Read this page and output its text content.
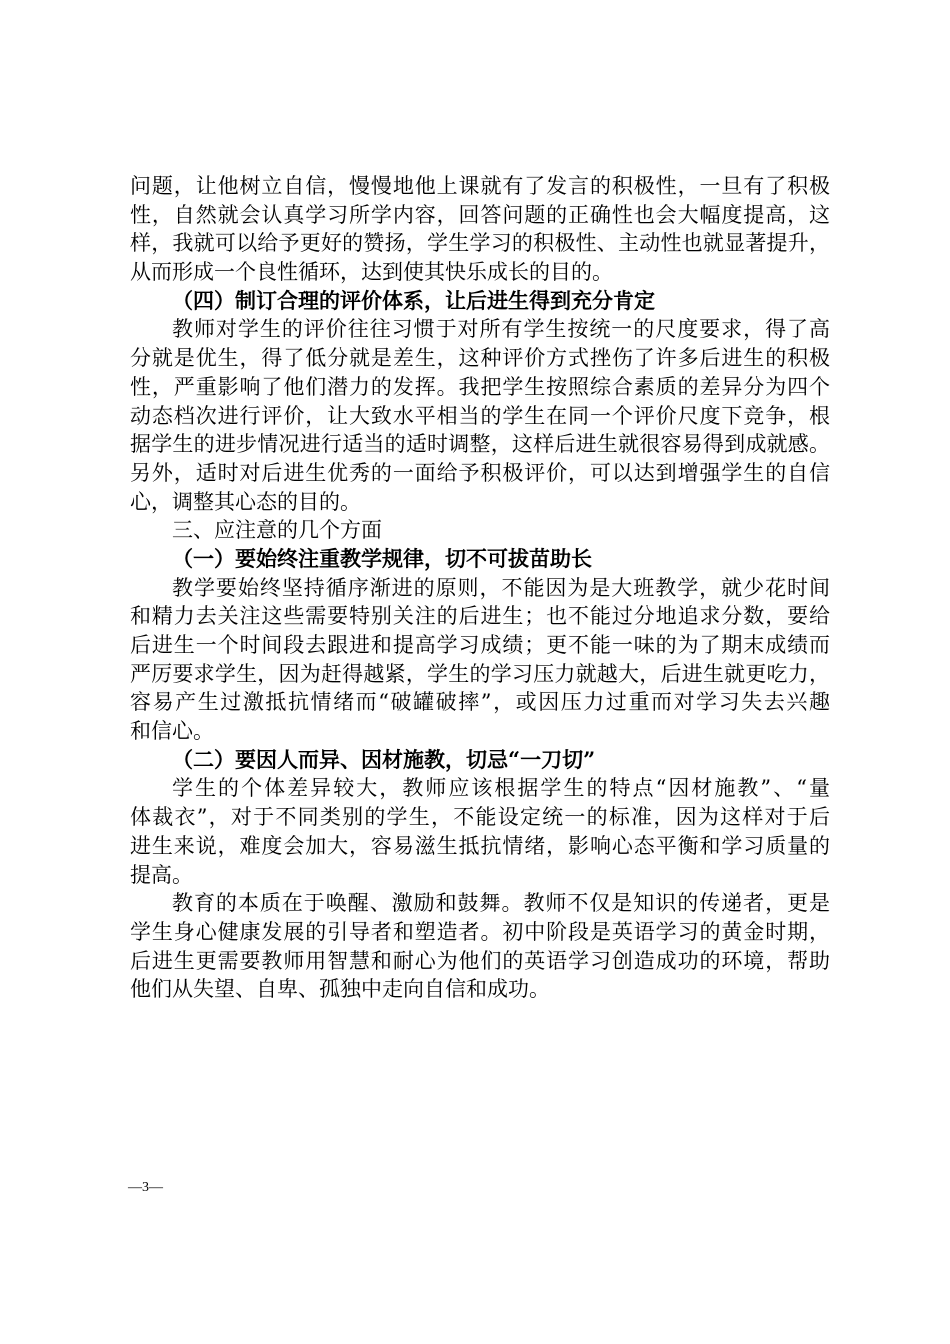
问题，让他树立自信，慢慢地他上课就有了发言的积极性，一旦有了积极
性，自然就会认真学习所学内容，回答问题的正确性也会大幅度提高，这
样，我就可以给予更好的赞扬，学生学习的积极性、主动性也就显著提升，
从而形成一个良性循环，达到使其快乐成长的目的。
（四）制订合理的评价体系，让后进生得到充分肯定
教师对学生的评价往往习惯于对所有学生按统一的尺度要求，得了高
分就是优生，得了低分就是差生，这种评价方式挫伤了许多后进生的积极
性，严重影响了他们潜力的发挥。我把学生按照综合素质的差异分为四个
动态档次进行评价，让大致水平相当的学生在同一个评价尺度下竞争，根
据学生的进步情况进行适当的适时调整，这样后进生就很容易得到成就感。
另外，适时对后进生优秀的一面给予积极评价，可以达到增强学生的自信
心，调整其心态的目的。
三、应注意的几个方面
（一）要始终注重教学规律，切不可拔苗助长
教学要始终坚持循序渐进的原则，不能因为是大班教学，就少花时间
和精力去关注这些需要特别关注的后进生；也不能过分地追求分数，要给
后进生一个时间段去跟进和提高学习成绩；更不能一味的为了期末成绩而
严厉要求学生，因为赶得越紧，学生的学习压力就越大，后进生就更吃力，
容易产生过激抵抗情绪而“破罐破摔”，或因压力过重而对学习失去兴趣
和信心。
（二）要因人而异、因材施教，切忌“一刀切”
学生的个体差异较大，教师应该根据学生的特点“因材施教”、“量
体裁衣”，对于不同类别的学生，不能设定统一的标准，因为这样对于后
进生来说，难度会加大，容易滋生抵抗情绪，影响心态平衡和学习质量的
提高。
教育的本质在于唤醒、激励和鼓舞。教师不仅是知识的传递者，更是
学生身心健康发展的引导者和塑造者。初中阶段是英语学习的黄金时期，
后进生更需要教师用智慧和耐心为他们的英语学习创造成功的环境，帮助
他们从失望、自卑、孤独中走向自信和成功。
—3—
